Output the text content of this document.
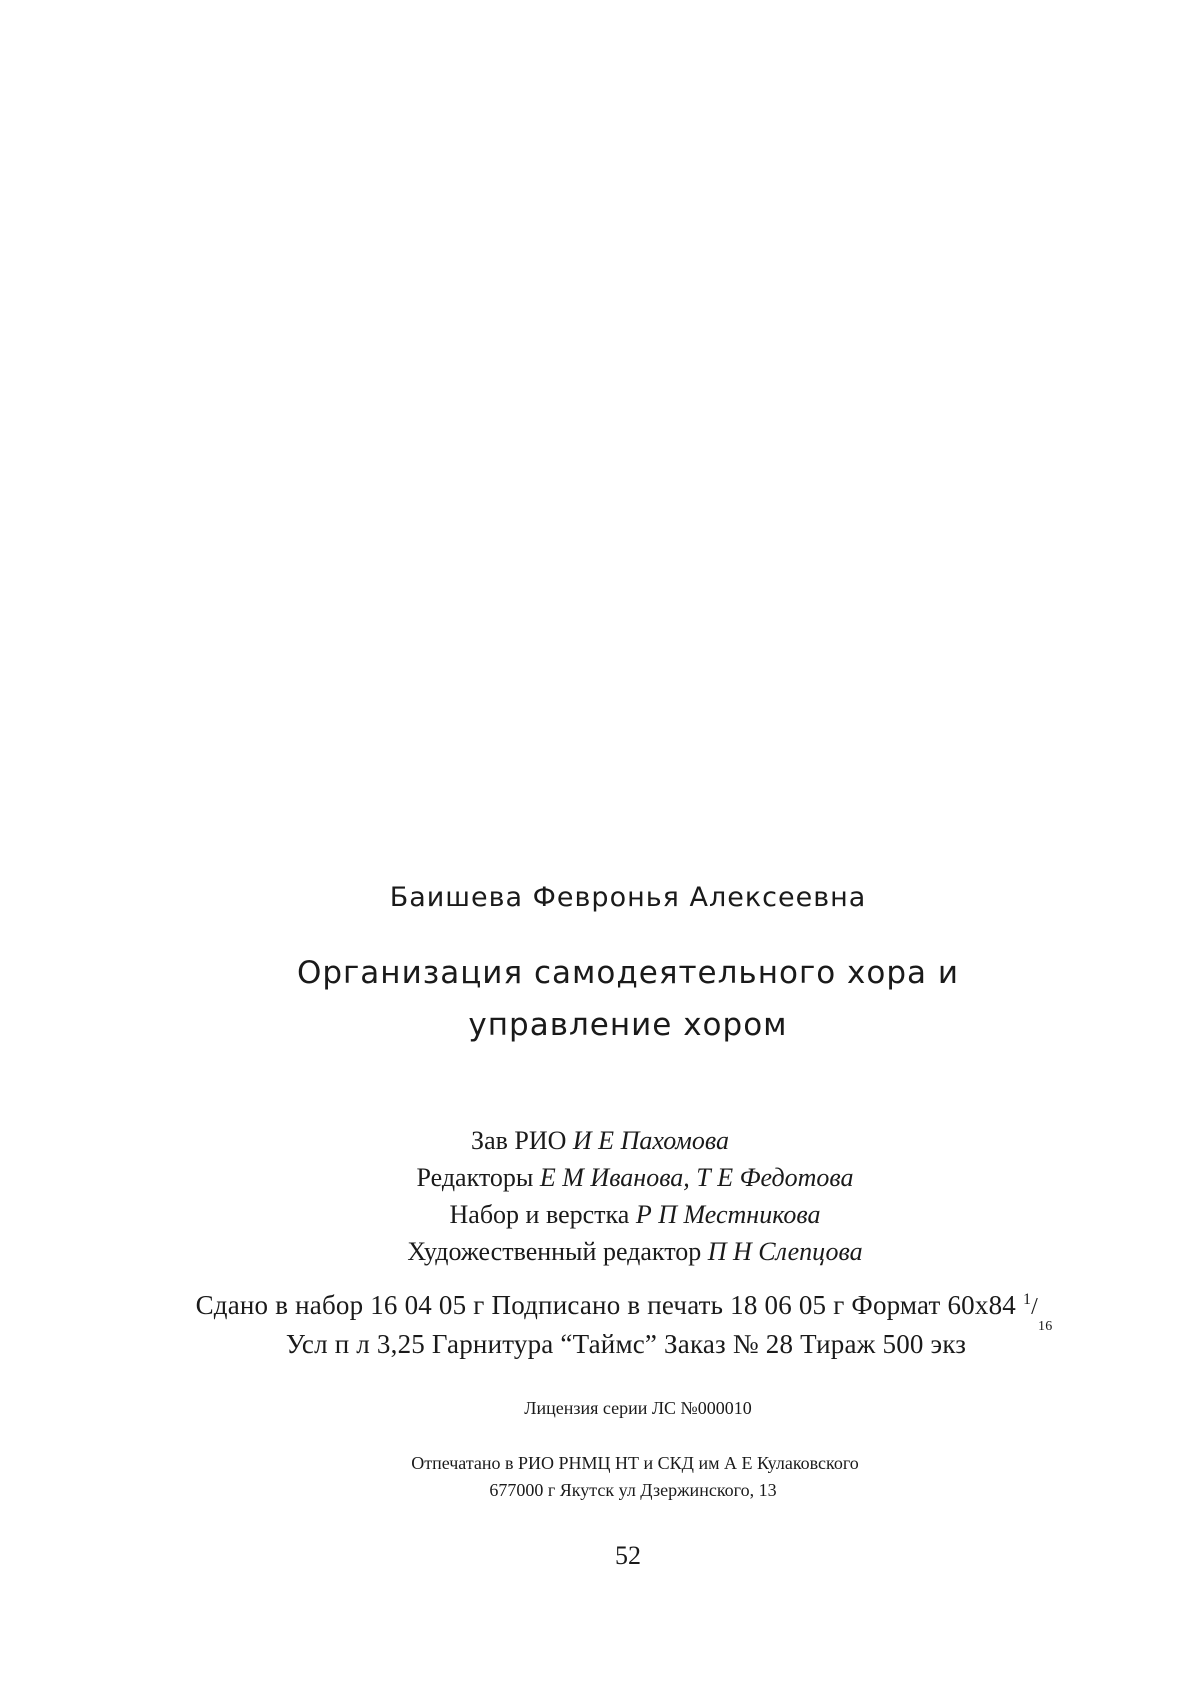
Баишева Февронья Алексеевна

Организация самодеятельного хора и

управление хором

Зав РИО И Е Пахомова

Редакторы Е М Иванова, Т Е Федотова

Набор и верстка Р П Местникова

Художественный редактор П Н Слепцова

Сдано в набор 16 04 05 г Подписано в печать 18 06 05 г Формат 60х84 $^1/_{16}$

Усл п л 3,25 Гарнитура “Таймс” Заказ № 28 Тираж 500 экз

Лицензия серии ЛС №000010

Отпечатано в РИО РНМЦ НТ и СКД им А Е Кулаковского

677000 г Якутск ул Дзержинского, 13

52
